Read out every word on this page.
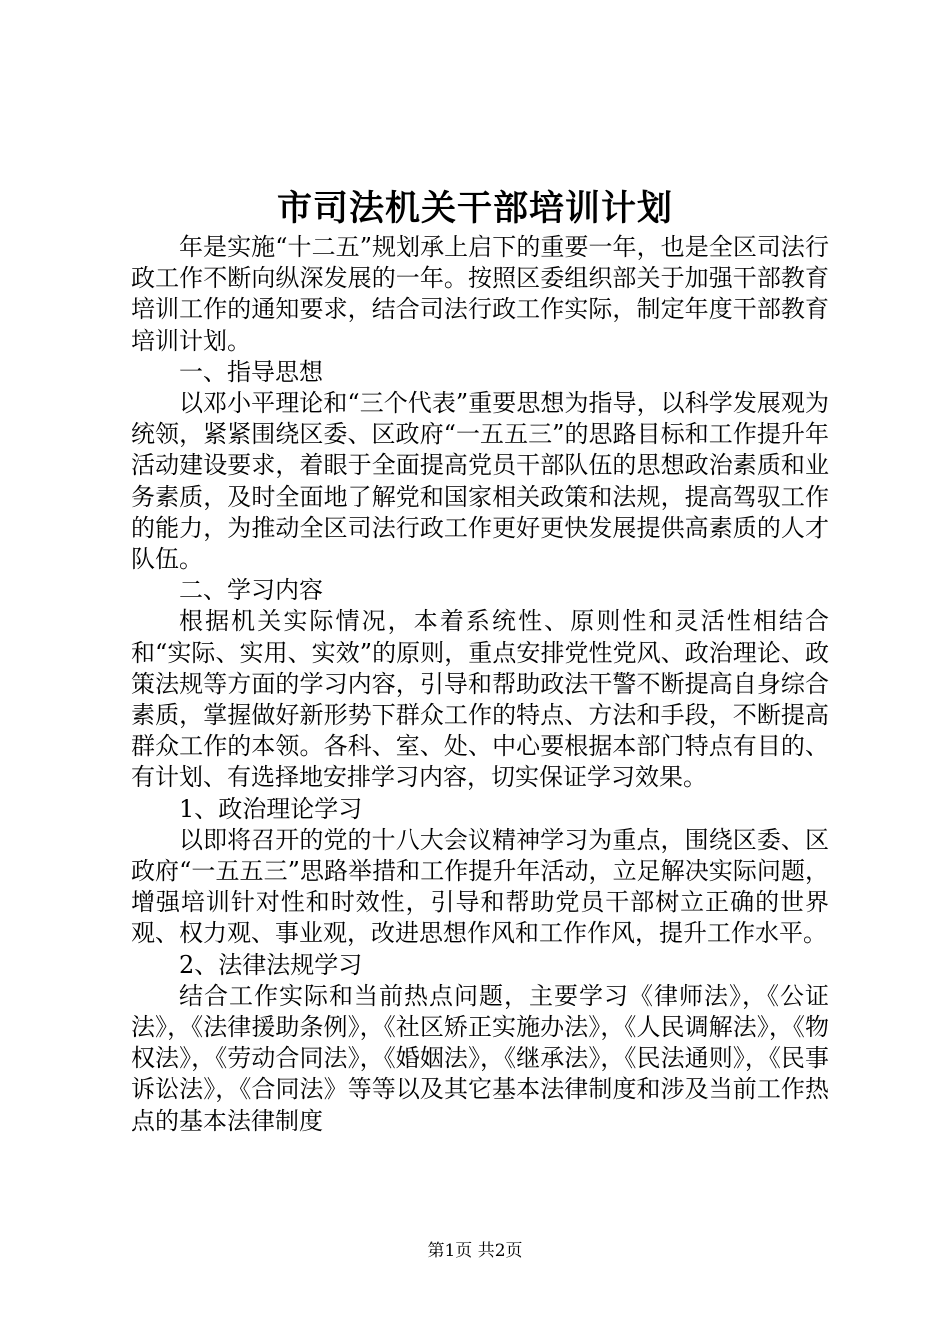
市司法机关干部培训计划

年是实施“十二五”规划承上启下的重要一年，也是全区司法行政工作不断向纵深发展的一年。按照区委组织部关于加强干部教育培训工作的通知要求，结合司法行政工作实际，制定年度干部教育培训计划。

一、指导思想

以邓小平理论和“三个代表”重要思想为指导，以科学发展观为统领，紧紧围绕区委、区政府“一五五三”的思路目标和工作提升年活动建设要求，着眼于全面提高党员干部队伍的思想政治素质和业务素质，及时全面地了解党和国家相关政策和法规，提高驾驭工作的能力，为推动全区司法行政工作更好更快发展提供高素质的人才队伍。

二、学习内容

根据机关实际情况，本着系统性、原则性和灵活性相结合和“实际、实用、实效”的原则，重点安排党性党风、政治理论、政策法规等方面的学习内容，引导和帮助政法干警不断提高自身综合素质，掌握做好新形势下群众工作的特点、方法和手段，不断提高群众工作的本领。各科、室、处、中心要根据本部门特点有目的、有计划、有选择地安排学习内容，切实保证学习效果。

1、政治理论学习

以即将召开的党的十八大会议精神学习为重点，围绕区委、区政府“一五五三”思路举措和工作提升年活动，立足解决实际问题，增强培训针对性和时效性，引导和帮助党员干部树立正确的世界观、权力观、事业观，改进思想作风和工作作风，提升工作水平。

2、法律法规学习

结合工作实际和当前热点问题，主要学习《律师法》，《公证法》，《法律援助条例》，《社区矫正实施办法》，《人民调解法》，《物权法》，《劳动合同法》，《婚姻法》，《继承法》，《民法通则》，《民事诉讼法》，《合同法》等等以及其它基本法律制度和涉及当前工作热点的基本法律制度

第1页 共2页
